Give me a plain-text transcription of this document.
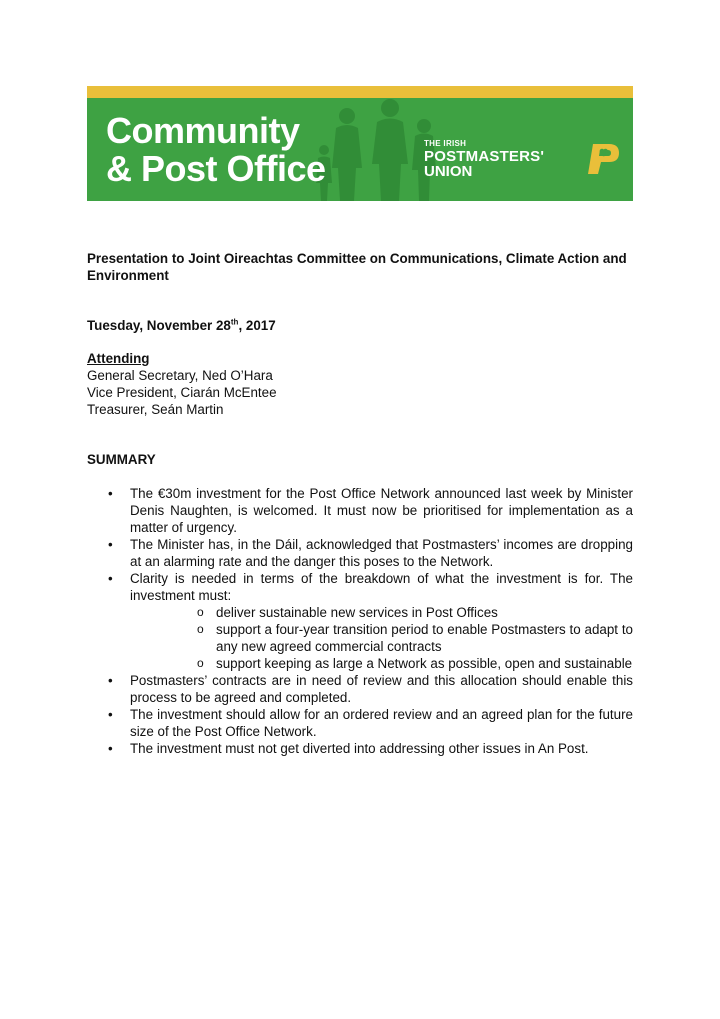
Community
& Post Office
THE IRISH
POSTMASTERS'
UNION

Presentation to Joint Oireachtas Committee on Communications, Climate Action and Environment

Tuesday, November 28th, 2017

Attending

General Secretary, Ned O’Hara

Vice President, Ciarán McEntee

Treasurer, Seán Martin

SUMMARY

• The €30m investment for the Post Office Network announced last week by Minister Denis Naughten, is welcomed. It must now be prioritised for implementation as a matter of urgency.
• The Minister has, in the Dáil, acknowledged that Postmasters’ incomes are dropping at an alarming rate and the danger this poses to the Network.
• Clarity is needed in terms of the breakdown of what the investment is for. The investment must:
o deliver sustainable new services in Post Offices
o support a four-year transition period to enable Postmasters to adapt to any new agreed commercial contracts
o support keeping as large a Network as possible, open and sustainable
• Postmasters’ contracts are in need of review and this allocation should enable this process to be agreed and completed.
• The investment should allow for an ordered review and an agreed plan for the future size of the Post Office Network.
• The investment must not get diverted into addressing other issues in An Post.
